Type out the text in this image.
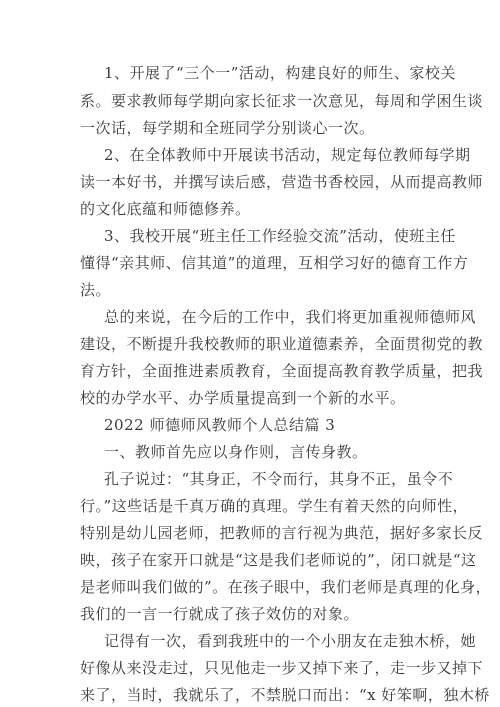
1、开展了“三个一”活动，构建良好的师生、家校关
系。要求教师每学期向家长征求一次意见，每周和学困生谈
一次话，每学期和全班同学分别谈心一次。
2、在全体教师中开展读书活动，规定每位教师每学期
读一本好书，并撰写读后感，营造书香校园，从而提高教师
的文化底蕴和师德修养。
3、我校开展“班主任工作经验交流”活动，使班主任
懂得“亲其师、信其道”的道理，互相学习好的德育工作方
法。
总的来说，在今后的工作中，我们将更加重视师德师风
建设，不断提升我校教师的职业道德素养，全面贯彻党的教
育方针，全面推进素质教育，全面提高教育教学质量，把我
校的办学水平、办学质量提高到一个新的水平。
2022 师德师风教师个人总结篇 3
一、教师首先应以身作则，言传身教。
孔子说过：“其身正，不令而行，其身不正，虽令不
行。”这些话是千真万确的真理。学生有着天然的向师性，
特别是幼儿园老师，把教师的言行视为典范，据好多家长反
映，孩子在家开口就是“这是我们老师说的”，闭口就是“这
是老师叫我们做的”。在孩子眼中，我们老师是真理的化身，
我们的一言一行就成了孩子效仿的对象。
记得有一次，看到我班中的一个小朋友在走独木桥，她
好像从来没走过，只见他走一步又掉下来了，走一步又掉下
来了，当时，我就乐了，不禁脱口而出：“x 好笨啊，独木桥
